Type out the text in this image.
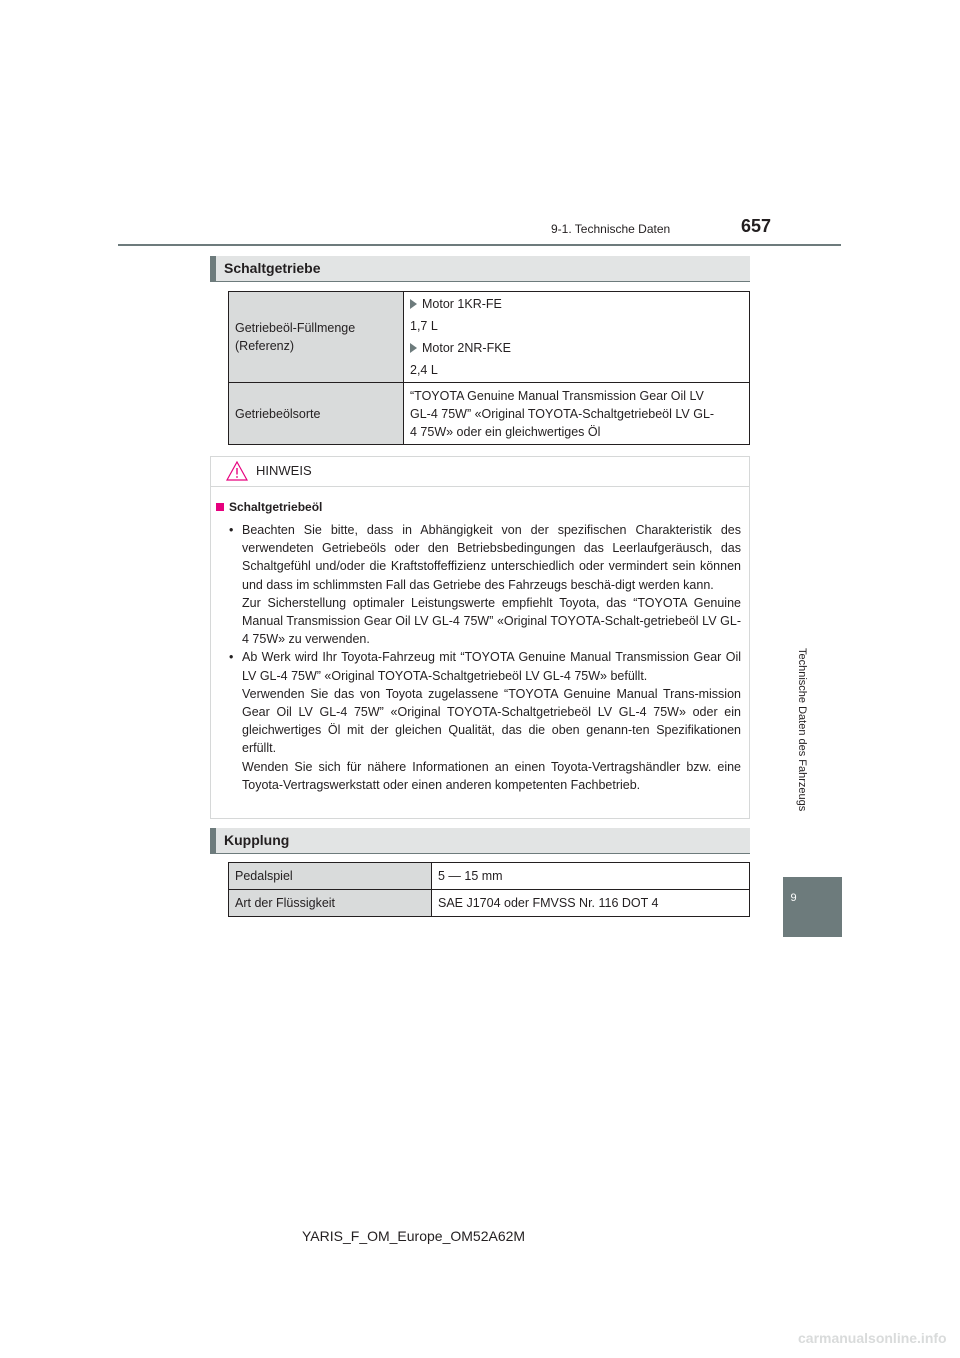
9-1. Technische Daten	657
Schaltgetriebe
Getriebeöl-Füllmenge
(Referenz)	Motor 1KR-FE
1,7 L
Motor 2NR-FKE
2,4 L

Getriebeölsorte	“TOYOTA Genuine Manual Transmission Gear Oil LV
GL-4 75W” «Original TOYOTA-Schaltgetriebeöl LV GL-
4 75W» oder ein gleichwertiges Öl
HINWEIS
Schaltgetriebeöl
• Beachten Sie bitte, dass in Abhängigkeit von der spezifischen Charakteristik des verwendeten Getriebeöls oder den Betriebsbedingungen das Leerlaufgeräusch, das Schaltgefühl und/oder die Kraftstoffeffizienz unterschiedlich oder vermindert sein können und dass im schlimmsten Fall das Getriebe des Fahrzeugs beschä-digt werden kann.

Zur Sicherstellung optimaler Leistungswerte empfiehlt Toyota, das “TOYOTA Genuine Manual Transmission Gear Oil LV GL-4 75W” «Original TOYOTA-Schalt-getriebeöl LV GL-4 75W» zu verwenden.

• Ab Werk wird Ihr Toyota-Fahrzeug mit “TOYOTA Genuine Manual Transmission Gear Oil LV GL-4 75W” «Original TOYOTA-Schaltgetriebeöl LV GL-4 75W» befüllt.

Verwenden Sie das von Toyota zugelassene “TOYOTA Genuine Manual Trans-mission Gear Oil LV GL-4 75W” «Original TOYOTA-Schaltgetriebeöl LV GL-4 75W» oder ein gleichwertiges Öl mit der gleichen Qualität, das die oben genann-ten Spezifikationen erfüllt.

Wenden Sie sich für nähere Informationen an einen Toyota-Vertragshändler bzw. eine Toyota-Vertragswerkstatt oder einen anderen kompetenten Fachbetrieb.

Kupplung
Pedalspiel	5 — 15 mm
Art der Flüssigkeit	SAE J1704 oder FMVSS Nr. 116 DOT 4
Technische Daten des Fahrzeugs
9
YARIS_F_OM_Europe_OM52A62M
carmanualsonline.info
